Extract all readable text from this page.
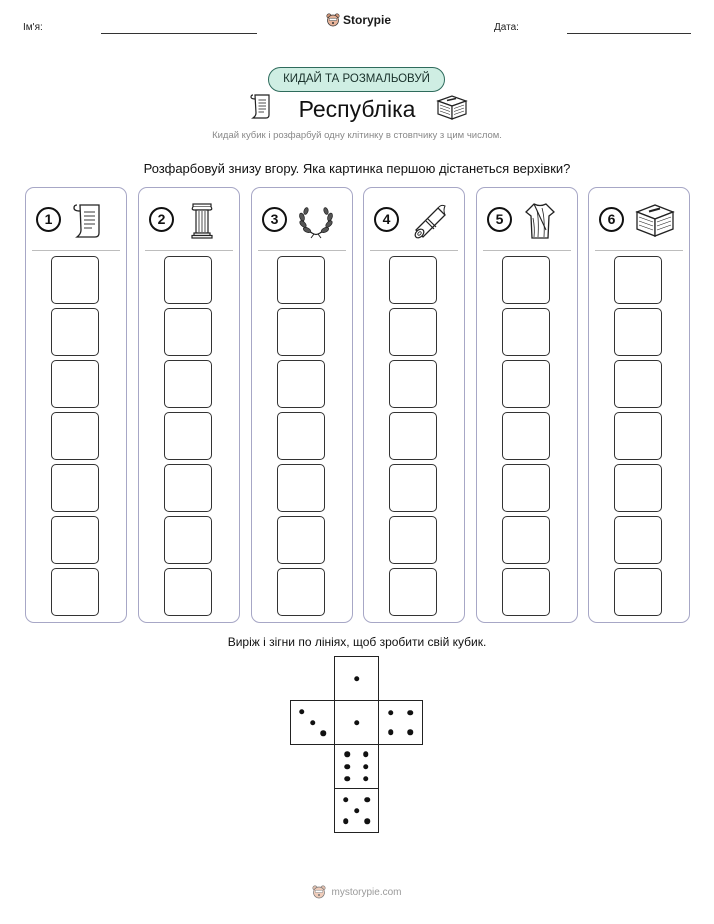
Ім'я:
Storypie
Дата:
КИДАЙ ТА РОЗМАЛЬОВУЙ
Республіка
Кидай кубик і розфарбуй одну клітинку в стовпчику з цим числом.
Розфарбовуй знизу вгору. Яка картинка першою дістанеться верхівки?
1	2	3	4	5	6
Виріж і зігни по лініях, щоб зробити свій кубик.
mystorypie.com
